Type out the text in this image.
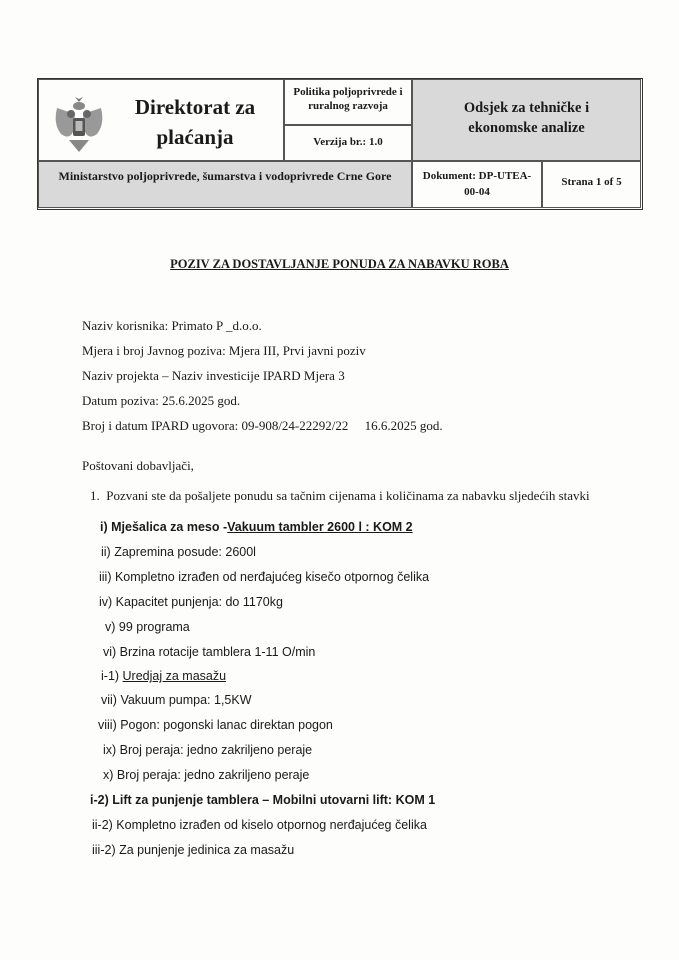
Direktorat za plaćanja
Politika poljoprivrede i ruralnog razvoja
Verzija br.: 1.0
Odsjek za tehničke i ekonomske analize
Ministarstvo poljoprivrede, šumarstva i vodoprivrede Crne Gore	Dokument: DP-UTEA-00-04
Strana 1 of 5
POZIV ZA DOSTAVLJANJE PONUDA ZA NABAVKU ROBA
Naziv korisnika: Primato P _d.o.o.
Mjera i broj Javnog poziva: Mjera III, Prvi javni poziv
Naziv projekta – Naziv investicije IPARD Mjera 3
Datum poziva: 25.6.2025 god.
Broj i datum IPARD ugovora: 09-908/24-22292/22     16.6.2025 god.
Poštovani dobavljači,
1.  Pozvani ste da pošaljete ponudu sa tačnim cijenama i količinama za nabavku sljedećih stavki
i) Mješalica za meso -Vakuum tambler 2600 l : KOM 2
ii) Zapremina posude: 2600l
iii) Kompletno izrađen od nerđajućeg kisečo otpornog čelika
iv) Kapacitet punjenja: do 1170kg
v) 99 programa
vi) Brzina rotacije tamblera 1-11 O/min
i-1) Uredjaj za masažu
vii) Vakuum pumpa: 1,5KW
viii) Pogon: pogonski lanac direktan pogon
ix) Broj peraja: jedno zakriljeno peraje
x) Broj peraja: jedno zakriljeno peraje
i-2) Lift za punjenje tamblera – Mobilni utovarni lift: KOM 1
ii-2) Kompletno izrađen od kiselo otpornog nerđajućeg čelika
iii-2) Za punjenje jedinica za masažu
